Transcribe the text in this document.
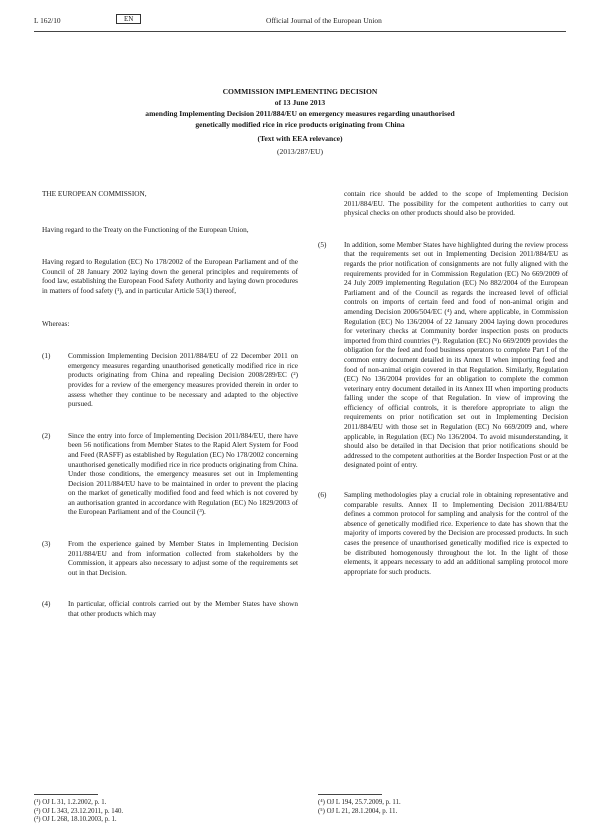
L 162/10	EN	Official Journal of the European Union
COMMISSION IMPLEMENTING DECISION
of 13 June 2013
amending Implementing Decision 2011/884/EU on emergency measures regarding unauthorised
genetically modified rice in rice products originating from China
(Text with EEA relevance)
(2013/287/EU)

THE EUROPEAN COMMISSION,

Having regard to the Treaty on the Functioning of the European Union,

Having regard to Regulation (EC) No 178/2002 of the European Parliament and of the Council of 28 January 2002 laying down the general principles and requirements of food law, establishing the European Food Safety Authority and laying down procedures in matters of food safety (¹), and in particular Article 53(1) thereof,

Whereas:

(1) Commission Implementing Decision 2011/884/EU of 22 December 2011 on emergency measures regarding unauthorised genetically modified rice in rice products originating from China and repealing Decision 2008/289/EC (²) provides for a review of the emergency measures provided therein in order to assess whether they continue to be necessary and adapted to the objective pursued.

(2) Since the entry into force of Implementing Decision 2011/884/EU, there have been 56 notifications from Member States to the Rapid Alert System for Food and Feed (RASFF) as established by Regulation (EC) No 178/2002 concerning unauthorised genetically modified rice in rice products originating from China. Under those conditions, the emergency measures set out in Implementing Decision 2011/884/EU have to be maintained in order to prevent the placing on the market of genetically modified food and feed which is not covered by an authorisation granted in accordance with Regulation (EC) No 1829/2003 of the European Parliament and of the Council (³).

(3) From the experience gained by Member States in Implementing Decision 2011/884/EU and from information collected from stakeholders by the Commission, it appears also necessary to adjust some of the requirements set out in that Decision.

(4) In particular, official controls carried out by the Member States have shown that other products which may

contain rice should be added to the scope of Implementing Decision 2011/884/EU. The possibility for the competent authorities to carry out physical checks on other products should also be provided.

(5) In addition, some Member States have highlighted during the review process that the requirements set out in Implementing Decision 2011/884/EU as regards the prior notification of consignments are not fully aligned with the requirements provided for in Commission Regulation (EC) No 669/2009 of 24 July 2009 implementing Regulation (EC) No 882/2004 of the European Parliament and of the Council as regards the increased level of official controls on imports of certain feed and food of non-animal origin and amending Decision 2006/504/EC (⁴) and, where applicable, in Commission Regulation (EC) No 136/2004 of 22 January 2004 laying down procedures for veterinary checks at Community border inspection posts on products imported from third countries (⁵). Regulation (EC) No 669/2009 provides the obligation for the feed and food business operators to complete Part I of the common entry document detailed in its Annex II when importing feed and food of non-animal origin covered in that Regulation. Similarly, Regulation (EC) No 136/2004 provides for an obligation to complete the common veterinary entry document detailed in its Annex III when importing products falling under the scope of that Regulation. In view of improving the efficiency of official controls, it is therefore appropriate to align the requirements on prior notification set out in Implementing Decision 2011/884/EU with those set in Regulation (EC) No 669/2009 and, where applicable, in Regulation (EC) No 136/2004. To avoid misunderstanding, it should also be detailed in that Decision that prior notifications should be addressed to the competent authorities at the Border Inspection Post or at the designated point of entry.

(6) Sampling methodologies play a crucial role in obtaining representative and comparable results. Annex II to Implementing Decision 2011/884/EU defines a common protocol for sampling and analysis for the control of the absence of genetically modified rice. Experience to date has shown that the majority of imports covered by the Decision are processed products. In such cases the presence of unauthorised genetically modified rice is expected to be distributed homogenously throughout the lot. In the light of those elements, it appears necessary to add an additional sampling protocol more appropriate for such products.

(¹) OJ L 31, 1.2.2002, p. 1.

(²) OJ L 343, 23.12.2011, p. 140.

(³) OJ L 268, 18.10.2003, p. 1.

(⁴) OJ L 194, 25.7.2009, p. 11.

(⁵) OJ L 21, 28.1.2004, p. 11.
